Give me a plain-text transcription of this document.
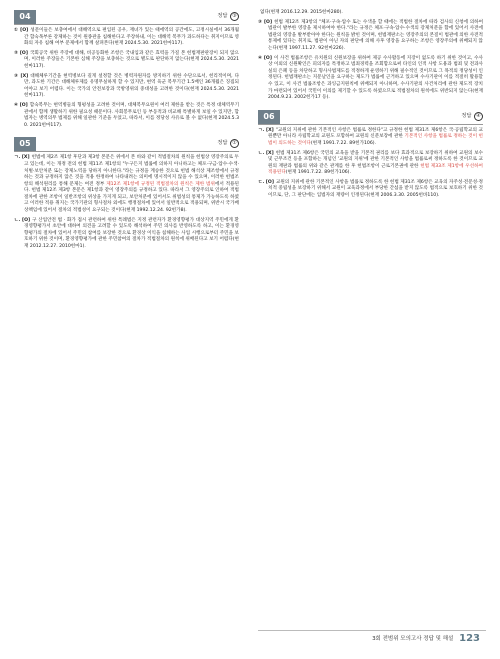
04	정답 ③

① [O] 성문이들은 보충여에서 대해역으로 편입된 공우, 재녀가 있는 때에역의 공간에도, 고정시실에서 36개월 간 합숙목부른 강제하는 것이 원종관을 침해한다고 주장하내, 이는 대해역 복무가 과도하다는 취지이므로 영화의 자유 침해 여부 문제에서 함께 살펴본다(현재 2024.5.30. 2021헌마117).

② [O] 국회공국 위한 주장에 대해, 비공동화한 조항은 국내입과 같은 효력을 가질 본 헌법재판관장이 되지 않으며, 이러한 주장들은 기본한 심해 주장을 보충하는 것으로 별도로 판단하지 않는다(현재 2024.5.30. 2021헌마117).

③ [X] 대해체루기간을 현역병보다 길게 설정할 것은 병력자원자를 방지하기 위한 수단으로서, 헌리적이며, 다만, 과도한 기간은 대해체루제를 유명무실하게 할 수 있지만, 현역 육군 복무기간 1.5배인 36개월은 징집되어야고 보기 어렵다. 이는 국가의 안전보장과 국방영위의 중대성을 고려한 것이다(현재 2024.5.30. 2021헌마117).

④ [O] 합숙복무는 현역병들의 형평성을 고려한 것이며, 대체복무요원이 여러 제한을 받는 것은 특정 대체역무기관에서 함께 생활하기 위한 필요성 때문이다. 사회봉무로인 등 부동적과 비교해 특별하게 보일 수 있지만, 합법자는 병역의무 법제를 위해 일관한 기준을 두었고, 따라서, 이를 정당성 사유로 볼 수 없다(현재 2024.5.30. 2021헌마117).

05	정답 ①

ㄱ. [X] 헌법에 제2조 제1항 후단과 제3항 본문은 위에서 본 바와 같이 적법절차의 원칙을 헌법상 영장주의로 두고 있는데, 이는 개정 전의 헌법 제11조 제1항의 "누구든지 법률에 의하지 아니하고는 체포·구금·압수·수색·처벌·보안처분 또는 강제노역을 당하지 아니한다."라는 규정을 계승한 것으로 헌법 해석상 제조항에서 규정하는 것과 규정하지 않은 것을 적용 한정하여 나타내려는 의미에 명시적이지 않을 수 있으며, 이러한 헌법조항의 해석원리를 통해 문제는 여전 정부 제12조 제1항에 규정된 적법절차의 원칙은 제한 범위에서 적용된다. 헌법 제12조 제3항 본문은 제1항과 같이 영장주의를 규정하고 있다. 따라서 그 영장주의로 인하여 적법절차에 관한 조항이 일반조항의 위상을 가지게 되고, 보안처분에 있어서도 위법성의 통제가 가능하도록 하였고 이러한 적용 취지는 국가기관의 형사절차 외에도 행정절차에 있어서 일반적으로 적용되며, 위반시 국가배상책임에 있어서 절차의 적법성이 요구되는 것이다(현재 1992.12.24. 92헌가8).

ㄴ. [O] 구 산업안전 법 · 화가 접시 관련하여 위한 특례법은 지정 관련자가 환경영향평가 대상지역 주민에게 환경영향평가서 초안에 대하여 의견을 고려할 수 있도록 해석하여 주민 의사를 반영하도록 하고, 이는 환경영향평가의 절차에 있어서 주민의 참여를 보장한 것으로 환경상 이익을 침해하는 사업 시행으로부터 주민을 보호하기 위한 것이며, 환경영향평가에 관한 주민참여의 절차가 적법절차의 원칙에 위배된다고 보기 어렵다(현재 2012.12.27. 2010헌마1).

없다(현재 2016.12.29. 2015헌마280).

③ [O] 헌법 제12조 제3항의 "체포·구속·압수 또는 수색을 할 때에는 적법한 절차에 따라 검사의 신청에 의하여 법관이 발부한 영장을 제시하여야 한다."라는 규정은 체포·구속·압수·수색의 강제처분을 함에 있어서 사전에 법관의 영장을 발부받아야 한다는 원칙을 밝힌 것이며, 헌법재판소는 영장주의의 본질이 법관에 의한 사전적 통제에 있다는 취지로, 법관이 아닌 자의 판단에 의해 사후 영장을 요구하는 조항은 영장주의에 위배되지 않는다(현재 1997.11.27. 92헌마226).

④ [O] 이 사건 법률조항은 유치원의 신원보장을 위하여 제공 수사활동에 지장이 없도록 하기 위한 것이고, 수사상 이외의 신원확인은 피의자를 특정하고 범죄경력을 조회함으로써 타인의 인적 사항 도용과 범죄 및 전과사실의 은폐 등을 차단하고 형사사법제도를 적정하게 운영하기 위해 필수적인 것이므로 그 목적의 정당성이 인정된다. 헌법재판소는 지문날인을 요구하는 제도가 법률에 근거하고 있으며 수사기관이 이를 적절히 활용할 수 있고, 이 사건 법률조항은 과잉금지원칙에 위배되지 아니하며, 수사기관의 사건처리에 관한 제도적 장치가 마련되어 있어서 국민이 이의를 제기할 수 있도록 하였으므로 적법절차의 원칙에도 위반되지 않는다(현재 2004.9.23. 2002헌가17 등).

06	정답 ④

ㄱ. [X] "교원의 지위에 관한 기본적인 사항은 법률로 정한다"고 규정한 헌법 제31조 제6항은 국·공립학교의 교원뿐만 아니라 사립학교의 교원도 포함하여 교원의 신분보장에 관한 기본적인 사항을 법률로 정하는 것이 헌법이 의도하는 것이다(현재 1991.7.22. 89헌가106).

ㄴ. [X] 헌법 제31조 제6항은 국민의 교육을 받을 기본적 권리를 보다 효과적으로 보장하기 위하여 교원의 보수 및 근무조건 등을 포함하는 개념인 '교원의 지위'에 관한 기본적인 사항을 법률로써 정하도록 한 것이므로 교원의 재판과 법률의 위와 같은 관계를 한 후 헌법조항이 근로기본권에 관한 헌법 제33조 제1항에 우선하여 적용된다(현재 1991.7.22. 89헌가106).

ㄷ. [O] 교원의 지위에 관한 기본적인 사항을 법률로 정하도록 한 헌법 제31조 제6항은 교육의 자주성·전문성·정치적 중립성을 보장하기 위해서 교원이 교육과정에서 부당한 간섭을 받지 않도록 법적으로 보호하기 위한 것이므로, 단, 그 판단에는 입법자의 재량이 인정된다(현재 2006.3.30. 2005헌바110).

3회 전범위 모의고사 정답 및 해설 123
